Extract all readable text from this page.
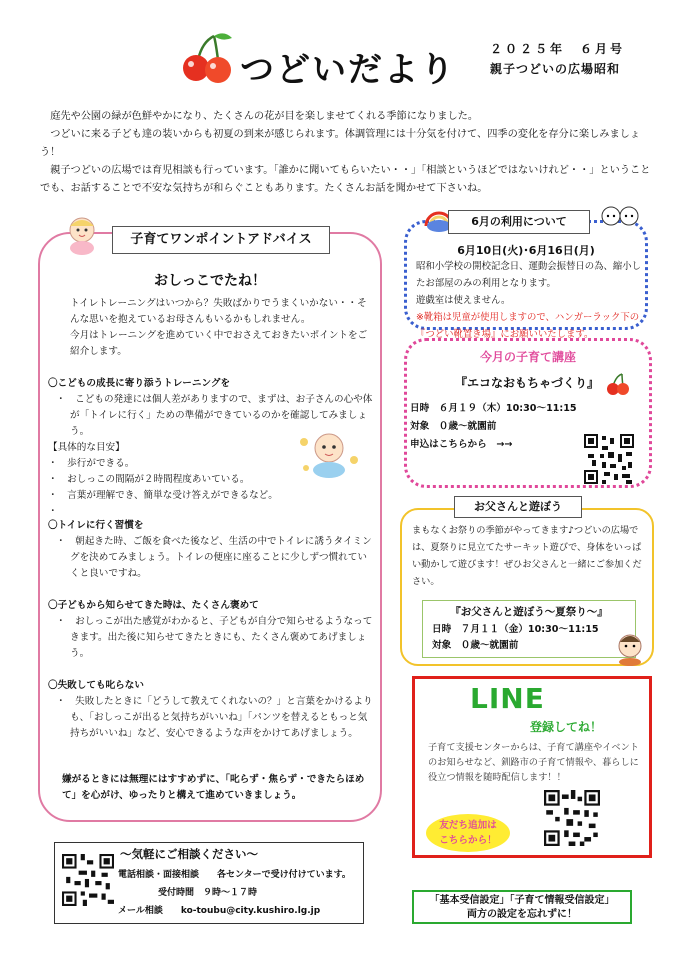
つどいだより
２０２５年　６月号
親子つどいの広場昭和

庭先や公園の緑が色鮮やかになり、たくさんの花が目を楽しませてくれる季節になりました。

つどいに来る子ども達の装いからも初夏の到来が感じられます。体調管理には十分気を付けて、四季の変化を存分に楽しみましょう！

親子つどいの広場では育児相談も行っています。「誰かに聞いてもらいたい・・」「相談というほどではないけれど・・」ということでも、お話することで不安な気持ちが和らぐこともあります。たくさんお話を聞かせて下さいね。

子育てワンポイントアドバイス
おしっこでたね！
トイレトレーニングはいつから？失敗ばかりでうまくいかない・・そんな思いを抱えているお母さんもいるかもしれません。
今月はトレーニングを進めていく中でおさえておきたいポイントをご紹介します。
〇こどもの成長に寄り添うトレーニングを
・　こどもの発達には個人差がありますので、まずは、お子さんの心や体が「トイレに行く」ための準備ができているのかを確認してみましょう。
【具体的な目安】
・　歩行ができる。
・　おしっこの間隔が２時間程度あいている。
・　言葉が理解でき、簡単な受け答えができるなど。
・
〇トイレに行く習慣を
・　朝起きた時、ご飯を食べた後など、生活の中でトイレに誘うタイミングを決めてみましょう。トイレの便座に座ることに少しずつ慣れていくと良いですね。
〇子どもから知らせてきた時は、たくさん褒めて
・　おしっこが出た感覚がわかると、子どもが自分で知らせるようなってきます。出た後に知らせてきたときにも、たくさん褒めてあげましょう。
〇失敗しても叱らない
・　失敗したときに「どうして教えてくれないの？」と言葉をかけるよりも、「おしっこが出ると気持ちがいいね」「パンツを替えるともっと気持ちがいいね」など、安心できるような声をかけてあげましょう。
嫌がるときには無理にはすすめずに、「叱らず・焦らず・できたらほめて」を心がけ、ゆったりと構えて進めていきましょう。
6月の利用について
6月10日(火)･6月16日(月)
昭和小学校の開校記念日、運動会振替日の為、縮小したお部屋のみの利用となります。
遊戯室は使えません。
※靴箱は児童が使用しますので、ハンガーラック下の『つどい靴置き場』にお願いいたします。
今月の子育て講座
『エコなおもちゃづくり』
日時　６月１９（木）10:30～11:15
対象　０歳～就園前
申込はこちらから　→→
お父さんと遊ぼう
まもなくお祭りの季節がやってきます♪つどいの広場では、夏祭りに見立てたサーキット遊びで、身体をいっぱい動かして遊びます！ぜひお父さんと一緒にご参加ください。
『お父さんと遊ぼう～夏祭り～』
日時　７月１１（金）10:30～11:15
対象　０歳～就園前
LINE
登録してね！
子育て支援センターからは、子育て講座やイベントのお知らせなど、釧路市の子育て情報や、暮らしに役立つ情報を随時配信します！！
友だち追加は
こちらから！
「基本受信設定」「子育て情報受信設定」
両方の設定を忘れずに！
～気軽にご相談ください～
電話相談・面接相談　　各センターで受け付けています。
受付時間　９時～１７時
メール相談　　ko-toubu@city.kushiro.lg.jp
